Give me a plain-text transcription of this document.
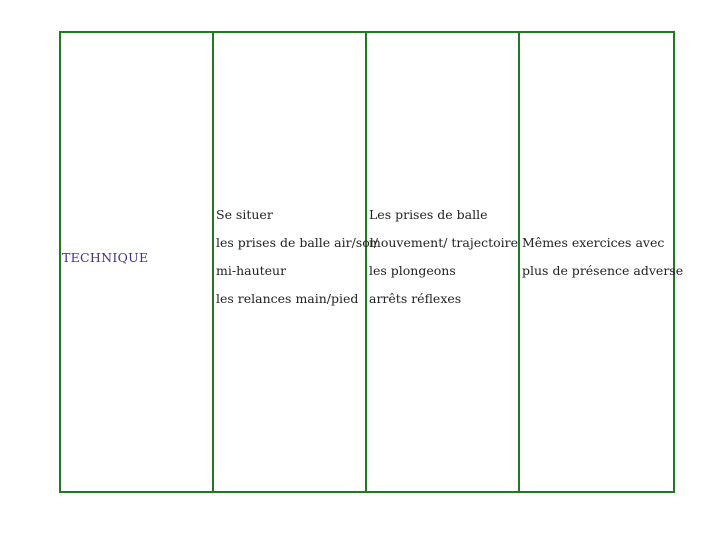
TECHNIQUE
Se situer
les prises de balle air/sol/
mi-hauteur
les relances main/pied
Les prises de balle
mouvement/ trajectoire
les plongeons
arrêts réflexes
Mêmes exercices avec
plus de présence adverse
